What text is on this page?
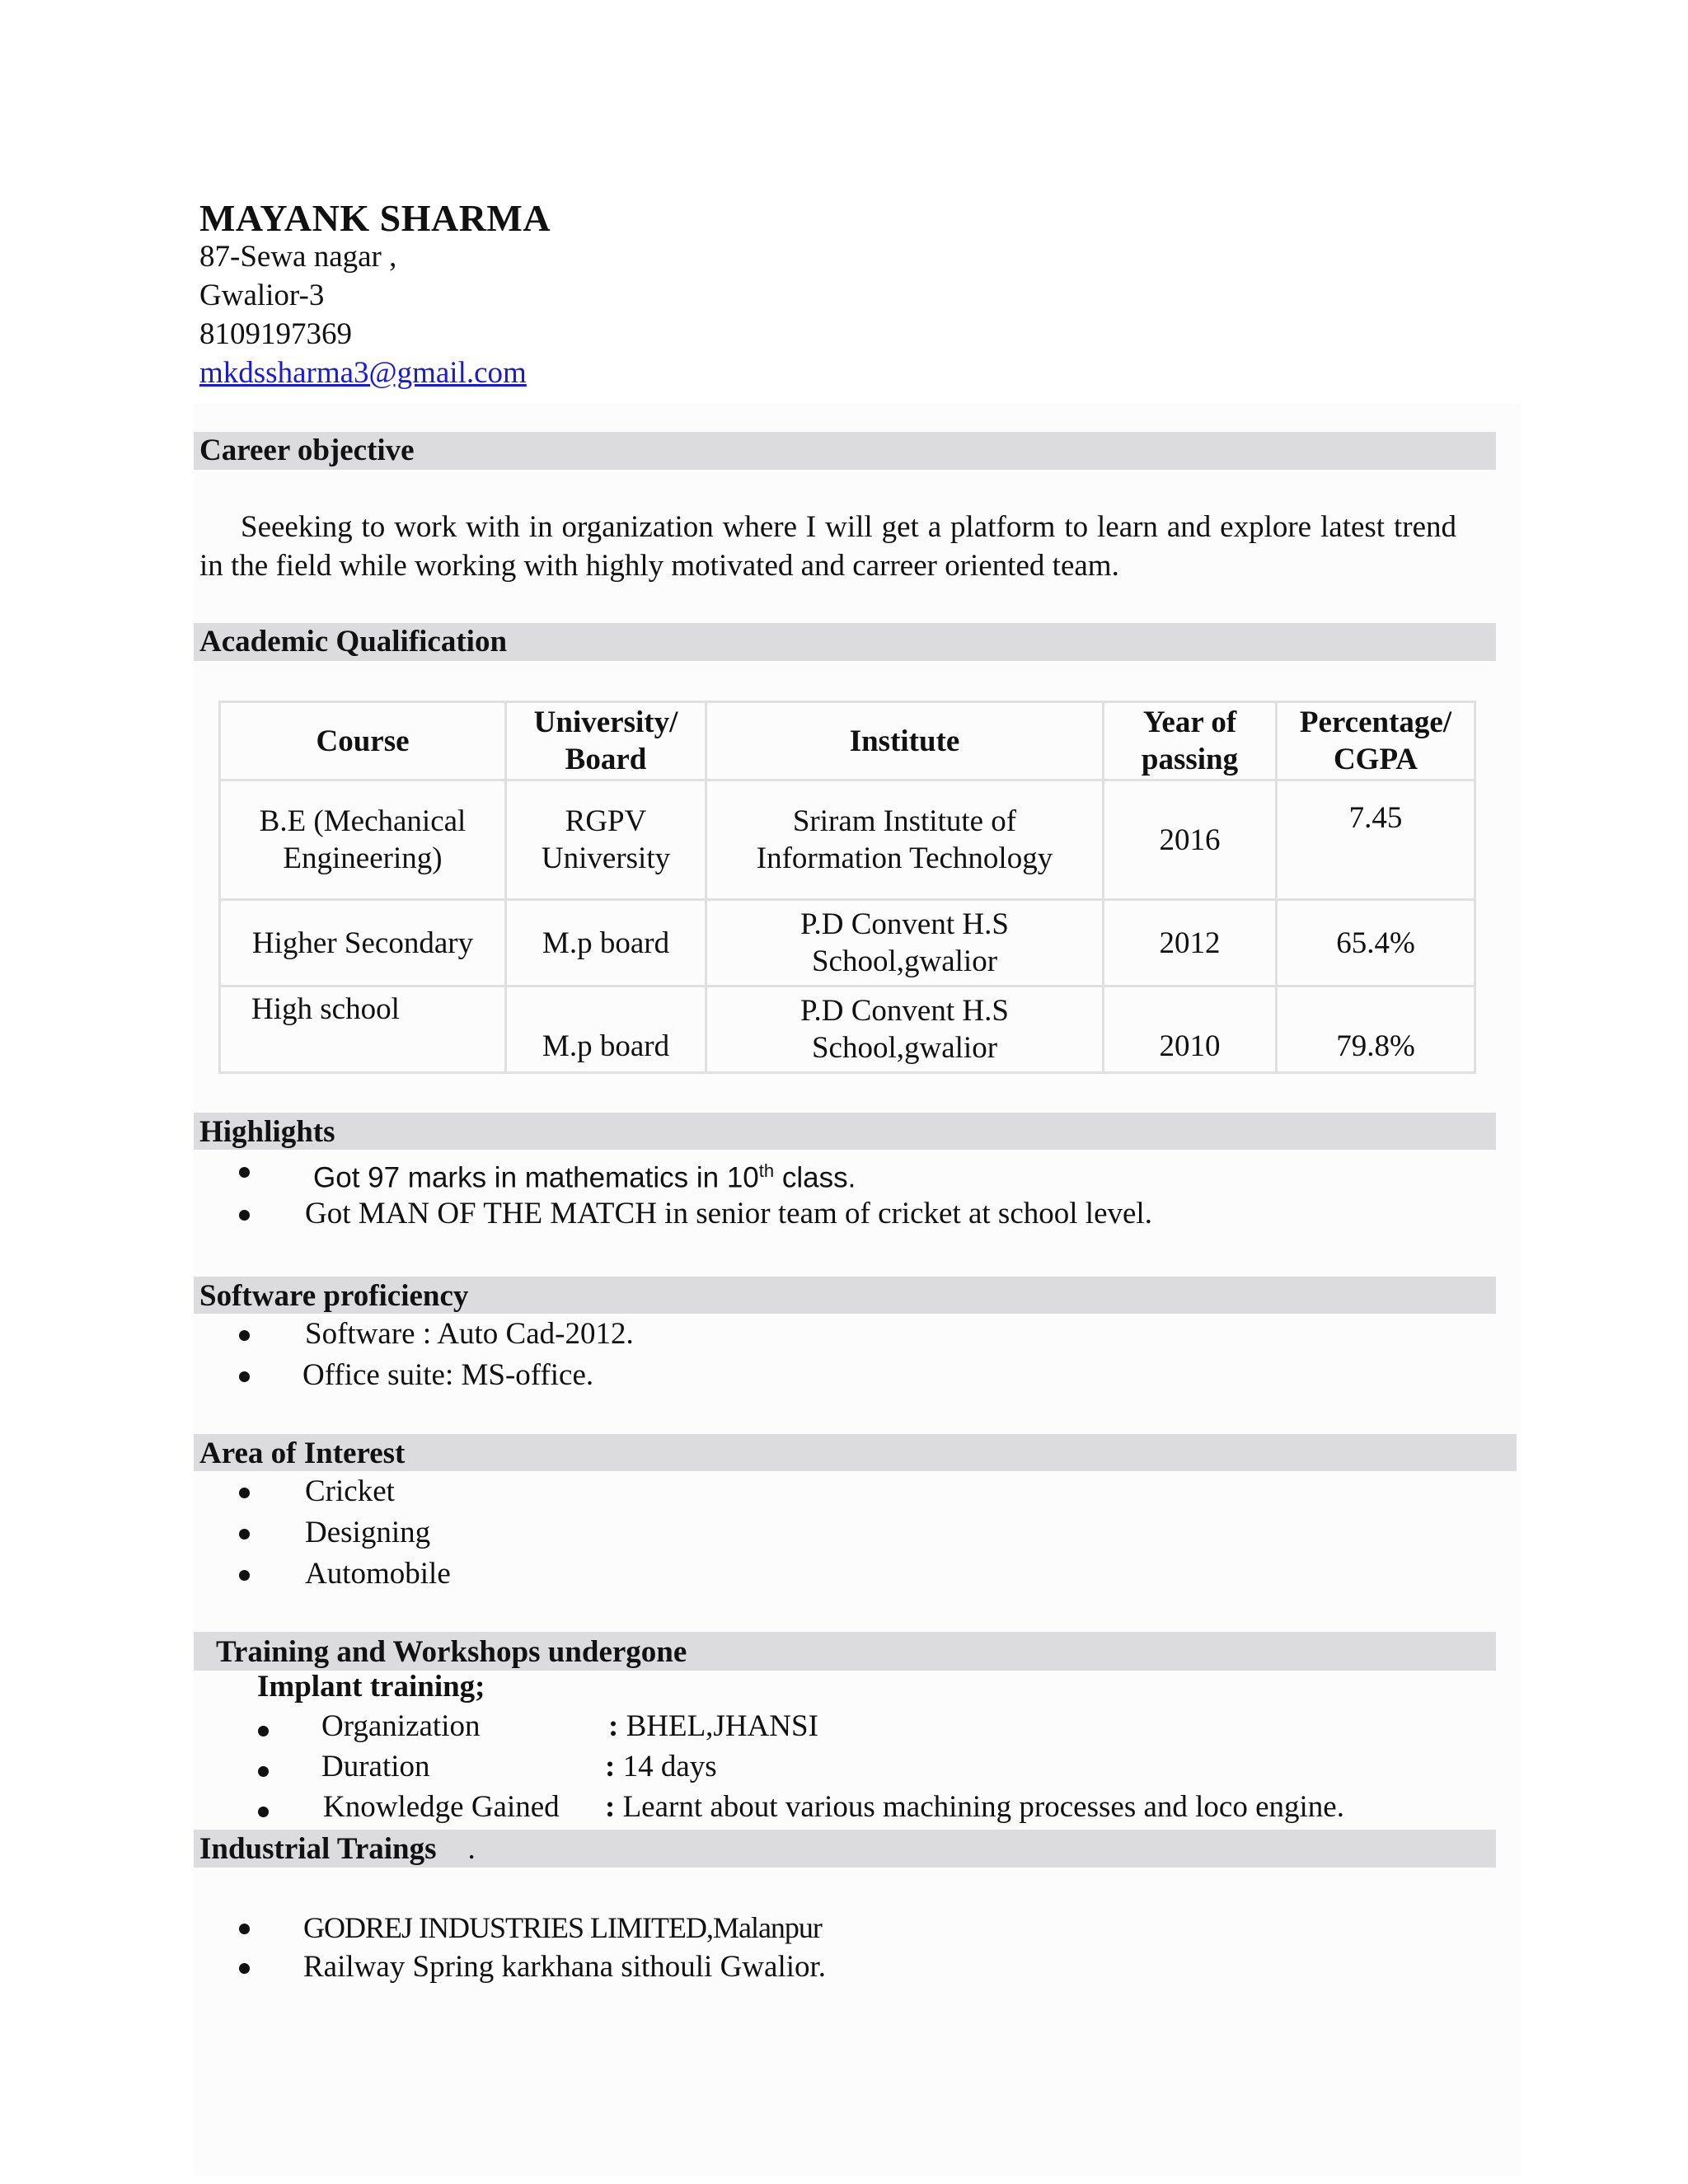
MAYANK SHARMA
87-Sewa nagar ,
Gwalior-3
8109197369
mkdssharma3@gmail.com
Career objective
Seeeking to work with in organization where I will get a platform to learn and explore latest trend in the field while working with highly motivated and carreer oriented team.
Academic Qualification
Course	University/ Board	Institute	Year of passing	Percentage/ CGPA
B.E (Mechanical Engineering)	RGPV University	Sriram Institute of Information Technology	2016	7.45
Higher Secondary	M.p board	P.D Convent H.S School,gwalior	2012	65.4%
High school	M.p board	P.D Convent H.S School,gwalior	2010	79.8%
Highlights
Got 97 marks in mathematics in 10th class.
Got MAN OF THE MATCH in senior team of cricket at school level.
Software proficiency
Software : Auto Cad-2012.
Office suite: MS-office.
Area of Interest
Cricket
Designing
Automobile
Training and Workshops undergone
Implant training;
Organization	: BHEL,JHANSI
Duration	: 14 days
Knowledge Gained : Learnt about various machining processes and loco engine.
Industrial Traings .
GODREJ INDUSTRIES LIMITED,Malanpur
Railway Spring karkhana sithouli Gwalior.
